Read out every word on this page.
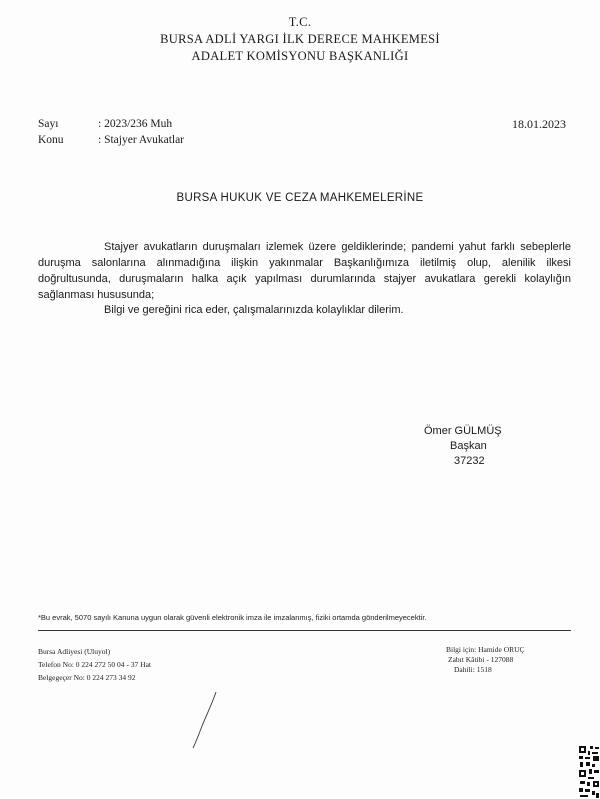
T.C.
BURSA ADLİ YARGI İLK DERECE MAHKEMESİ
ADALET KOMİSYONU BAŞKANLIĞI
Sayı	: 2023/236 Muh
Konu	: Stajyer Avukatlar
18.01.2023
BURSA HUKUK VE CEZA MAHKEMELERİNE
Stajyer avukatların duruşmaları izlemek üzere geldiklerinde; pandemi yahut farklı sebeplerle duruşma salonlarına alınmadığına ilişkin yakınmalar Başkanlığımıza iletilmiş olup, alenilik ilkesi doğrultusunda, duruşmaların halka açık yapılması durumlarında stajyer avukatlara gerekli kolaylığın sağlanması hususunda;
Bilgi ve gereğini rica eder, çalışmalarınızda kolaylıklar dilerim.
Ömer GÜLMÜŞ
Başkan
37232
*Bu evrak, 5070 sayılı Kanuna uygun olarak güvenli elektronik imza ile imzalanmış, fiziki ortamda gönderilmeyecektir.
Bursa Adliyesi (Uluyol)
Telefon No: 0 224 272 50 04 - 37 Hat
Belgegeçer No: 0 224 273 34 92
Bilgi için: Hamide ORUÇ
Zabıt Kâtibi - 127088
Dahili: 1518
